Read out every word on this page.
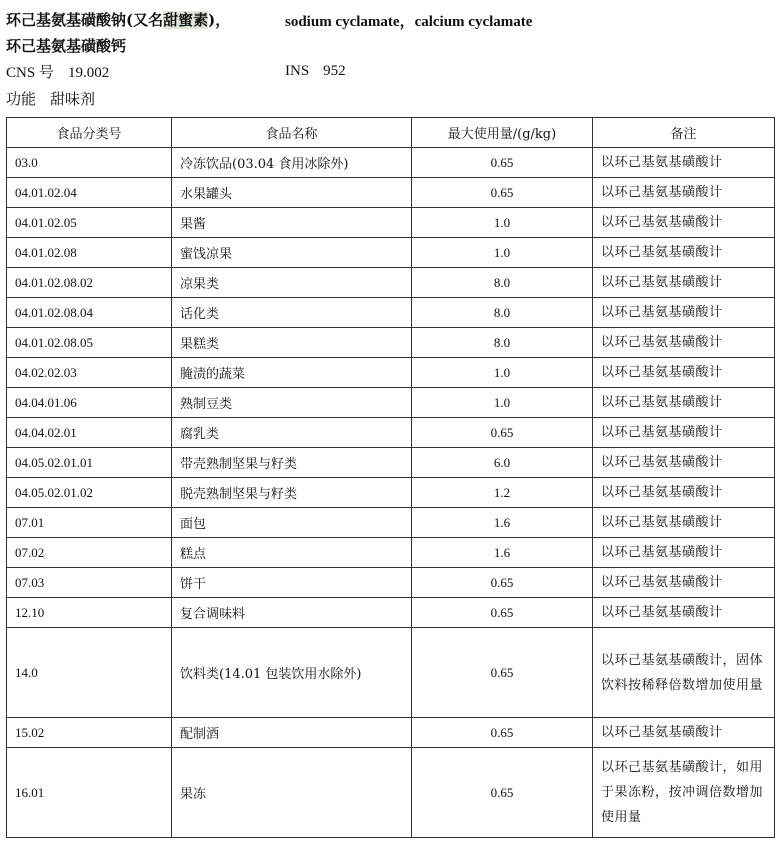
环己基氨基磺酸钠(又名甜蜜素)，	sodium cyclamate，calcium cyclamate
环己基氨基磺酸钙
CNS 号 19.002	INS 952
功能 甜味剂
食品分类号	食品名称	最大使用量/(g/kg)	备注
03.0	冷冻饮品(03.04 食用冰除外)	0.65	以环己基氨基磺酸计
04.01.02.04	水果罐头	0.65	以环己基氨基磺酸计
04.01.02.05	果酱	1.0	以环己基氨基磺酸计
04.01.02.08	蜜饯凉果	1.0	以环己基氨基磺酸计
04.01.02.08.02	凉果类	8.0	以环己基氨基磺酸计
04.01.02.08.04	话化类	8.0	以环己基氨基磺酸计
04.01.02.08.05	果糕类	8.0	以环己基氨基磺酸计
04.02.02.03	腌渍的蔬菜	1.0	以环己基氨基磺酸计
04.04.01.06	熟制豆类	1.0	以环己基氨基磺酸计
04.04.02.01	腐乳类	0.65	以环己基氨基磺酸计
04.05.02.01.01	带壳熟制坚果与籽类	6.0	以环己基氨基磺酸计
04.05.02.01.02	脱壳熟制坚果与籽类	1.2	以环己基氨基磺酸计
07.01	面包	1.6	以环己基氨基磺酸计
07.02	糕点	1.6	以环己基氨基磺酸计
07.03	饼干	0.65	以环己基氨基磺酸计
12.10	复合调味料	0.65	以环己基氨基磺酸计
14.0	饮料类(14.01 包装饮用水除外)	0.65	以环己基氨基磺酸计，固体饮料按稀释倍数增加使用量
15.02	配制酒	0.65	以环己基氨基磺酸计
16.01	果冻	0.65	以环己基氨基磺酸计，如用于果冻粉，按冲调倍数增加使用量
